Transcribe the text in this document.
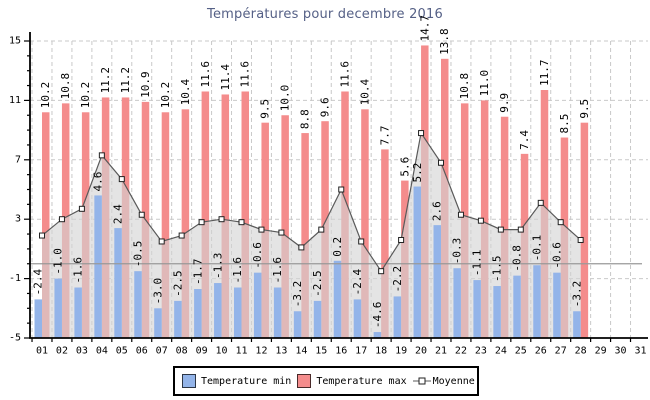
Températures pour decembre 2016
10.2 10.8 10.2
11.2 11.2 10.9 10.2 10.4
11.6 11.4 11.6
9.5 10.0
8.8
9.6
11.6
10.4
7.7
5.6
14.7
13.8
10.8 11.0
9.9
7.4
11.7
8.5
9.5
-2.4
-1.0 -1.6
4.6
2.4
-0.5
-3.0 -2.5 -1.7 -1.3 -1.6
-0.6
-1.6
-3.2 -2.5
0.2
-2.4
-4.6
-2.2
5.2
2.6
-0.3 -1.1 -1.5 -0.8 -0.1 -0.6
-3.2
-5
-1
3
7
11
15
01 02 03 04 05 06 07 08 09 10 11 12 13 14 15 16 17 18 19 20 21 22 23 24 25 26 27 28 29 30 31
Temperature min	Temperature max	Moyenne
